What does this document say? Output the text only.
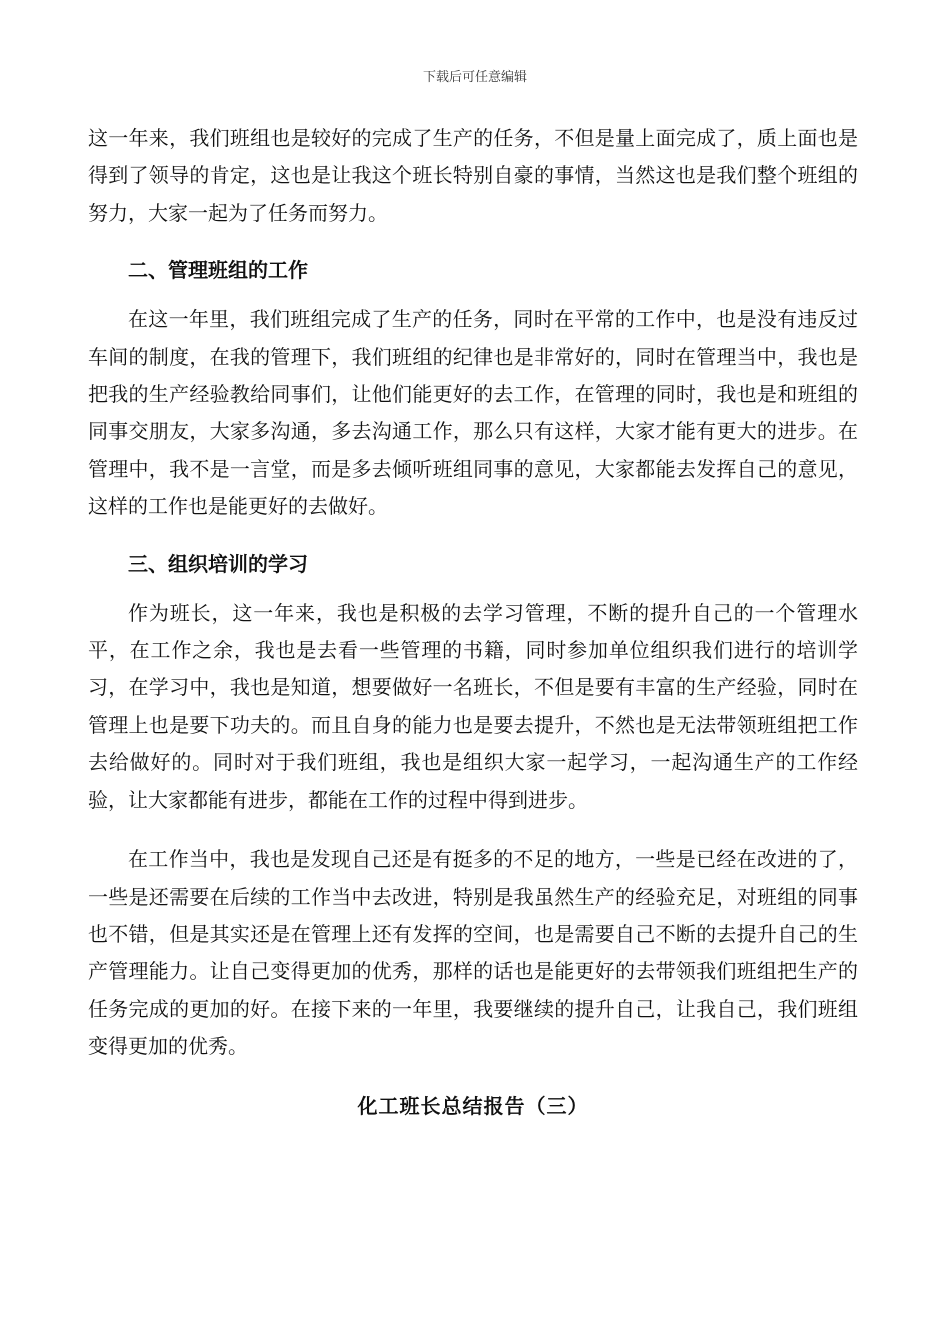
下载后可任意编辑

这一年来，我们班组也是较好的完成了生产的任务，不但是量上面完成了，质上面也是得到了领导的肯定，这也是让我这个班长特别自豪的事情，当然这也是我们整个班组的努力，大家一起为了任务而努力。

二、管理班组的工作

在这一年里，我们班组完成了生产的任务，同时在平常的工作中，也是没有违反过车间的制度，在我的管理下，我们班组的纪律也是非常好的，同时在管理当中，我也是把我的生产经验教给同事们，让他们能更好的去工作，在管理的同时，我也是和班组的同事交朋友，大家多沟通，多去沟通工作，那么只有这样，大家才能有更大的进步。在管理中，我不是一言堂，而是多去倾听班组同事的意见，大家都能去发挥自己的意见，这样的工作也是能更好的去做好。

三、组织培训的学习

作为班长，这一年来，我也是积极的去学习管理，不断的提升自己的一个管理水平，在工作之余，我也是去看一些管理的书籍，同时参加单位组织我们进行的培训学习，在学习中，我也是知道，想要做好一名班长，不但是要有丰富的生产经验，同时在管理上也是要下功夫的。而且自身的能力也是要去提升，不然也是无法带领班组把工作去给做好的。同时对于我们班组，我也是组织大家一起学习，一起沟通生产的工作经验，让大家都能有进步，都能在工作的过程中得到进步。

在工作当中，我也是发现自己还是有挺多的不足的地方，一些是已经在改进的了，一些是还需要在后续的工作当中去改进，特别是我虽然生产的经验充足，对班组的同事也不错，但是其实还是在管理上还有发挥的空间，也是需要自己不断的去提升自己的生产管理能力。让自己变得更加的优秀，那样的话也是能更好的去带领我们班组把生产的任务完成的更加的好。在接下来的一年里，我要继续的提升自己，让我自己，我们班组变得更加的优秀。

化工班长总结报告（三）
